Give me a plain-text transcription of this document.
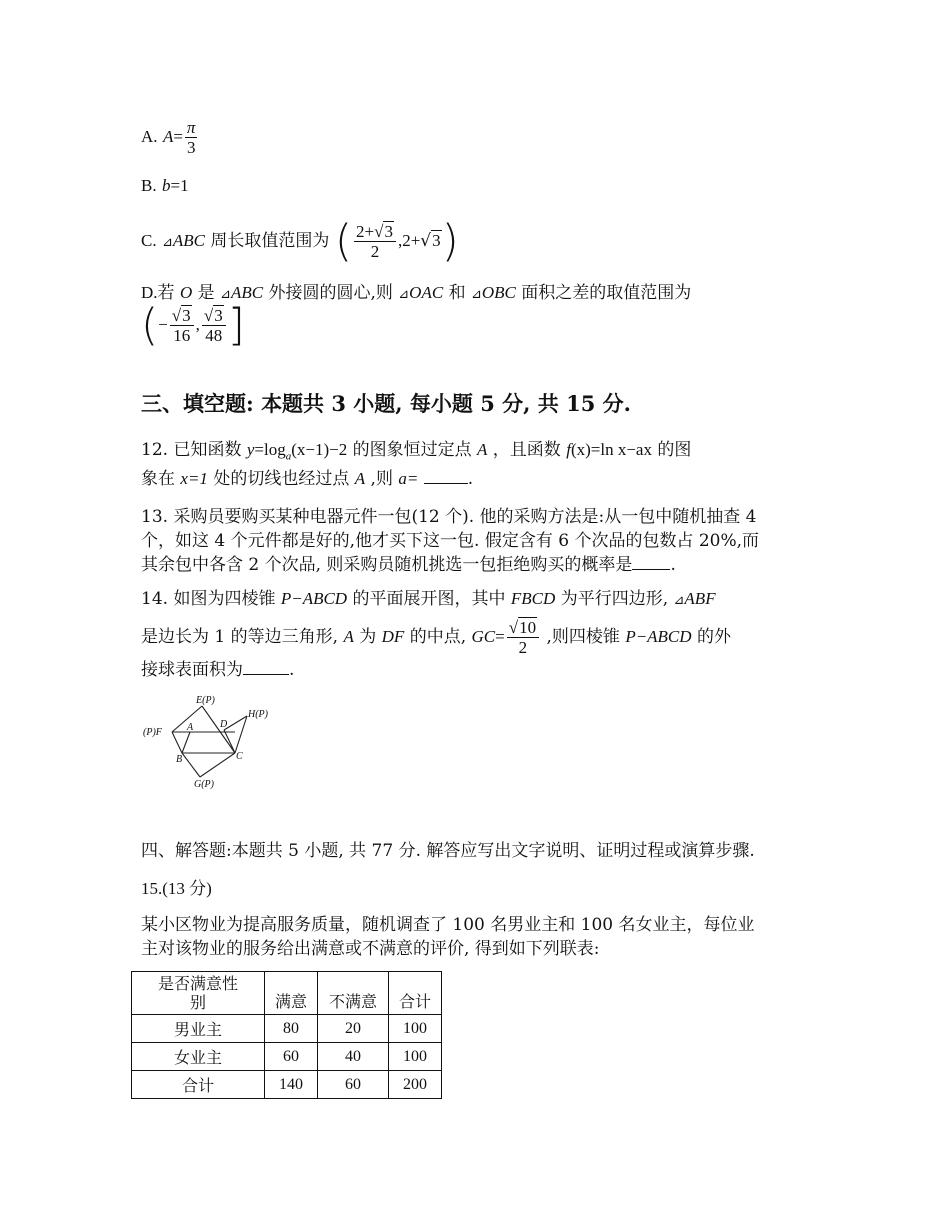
A. $A= \frac{\pi}{3}$
B. b=1
C. ⊿ABC 周长取值范围为 ( $\frac{2+√3}{2} ,2+√3$)
D.若 O 是 ⊿ABC 外接圆的圆心,则 ⊿OAC 和 ⊿OBC 面积之差的取值范围为
(− $\frac{√3}{16}$ , $\frac{√3}{48}$ ]
三、填空题: 本题共 3 小题, 每小题 5 分, 共 15 分.
12. 已知函数 $y=\log_a(x-1)-2$ 的图象恒过定点 A ，且函数 f(x)=ln x−ax 的图
象在 x=1 处的切线也经过点 A ,则 a=	.
13. 采购员要购买某种电器元件一包(12 个). 他的采购方法是:从一包中随机抽查 4
个，如这 4 个元件都是好的,他才买下这一包. 假定含有 6 个次品的包数占 20%,而
其余包中各含 2 个次品, 则采购员随机挑选一包拒绝购买的概率是 .
14. 如图为四棱锥 P−ABCD 的平面展开图，其中 FBCD 为平行四边形, ⊿ABF
是边长为 1 的等边三角形, A 为 DF 的中点, $GC= \frac{√10}{2}$ ,则四棱锥 P−ABCD 的外
接球表面积为	.
E(P)
H(P)
(P)F	A	D
B	C
G(P)
四、解答题:本题共 5 小题, 共 77 分. 解答应写出文字说明、证明过程或演算步骤.
15.(13 分)
某小区物业为提高服务质量，随机调查了 100 名男业主和 100 名女业主，每位业
主对该物业的服务给出满意或不满意的评价, 得到如下列联表:
是否满意性
别	满意	不满意	合计
男业主	80	20	100
女业主	60	40	100
合计	140	60	200
